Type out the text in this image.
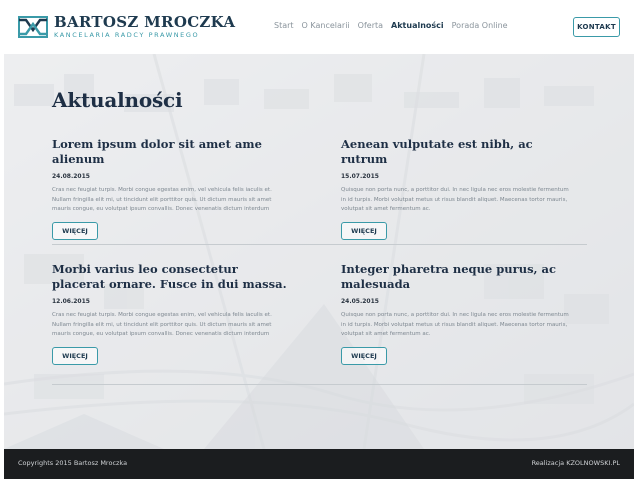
BARTOSZ MROCZKA
KANCELARIA RADCY PRAWNEGO
Start O Kancelarii Oferta Aktualności Porada Online	KONTAKT
Aktualności
Lorem ipsum dolor sit amet ame alienum
24.08.2015
Cras nec feugiat turpis. Morbi congue egestas enim, vel vehicula felis iaculis et. Nullam fringilla elit mi, ut tincidunt elit porttitor quis. Ut dictum mauris sit amet mauris congue, eu volutpat ipsum convallis. Donec venenatis dictum interdum
WIĘCEJ
Aenean vulputate est nibh, ac rutrum
15.07.2015
Quisque non porta nunc, a porttitor dui. In nec ligula nec eros molestie fermentum in id turpis. Morbi volutpat metus ut risus blandit aliquet. Maecenas tortor mauris, volutpat sit amet fermentum ac.
WIĘCEJ
Morbi varius leo consectetur placerat ornare. Fusce in dui massa.
12.06.2015
Cras nec feugiat turpis. Morbi congue egestas enim, vel vehicula felis iaculis et. Nullam fringilla elit mi, ut tincidunt elit porttitor quis. Ut dictum mauris sit amet mauris congue, eu volutpat ipsum convallis. Donec venenatis dictum interdum
WIĘCEJ
Integer pharetra neque purus, ac malesuada
24.05.2015
Quisque non porta nunc, a porttitor dui. In nec ligula nec eros molestie fermentum in id turpis. Morbi volutpat metus ut risus blandit aliquet. Maecenas tortor mauris, volutpat sit amet fermentum ac.
WIĘCEJ
Copyrights 2015 Bartosz Mroczka	Realizacja KZOLNOWSKI.PL
